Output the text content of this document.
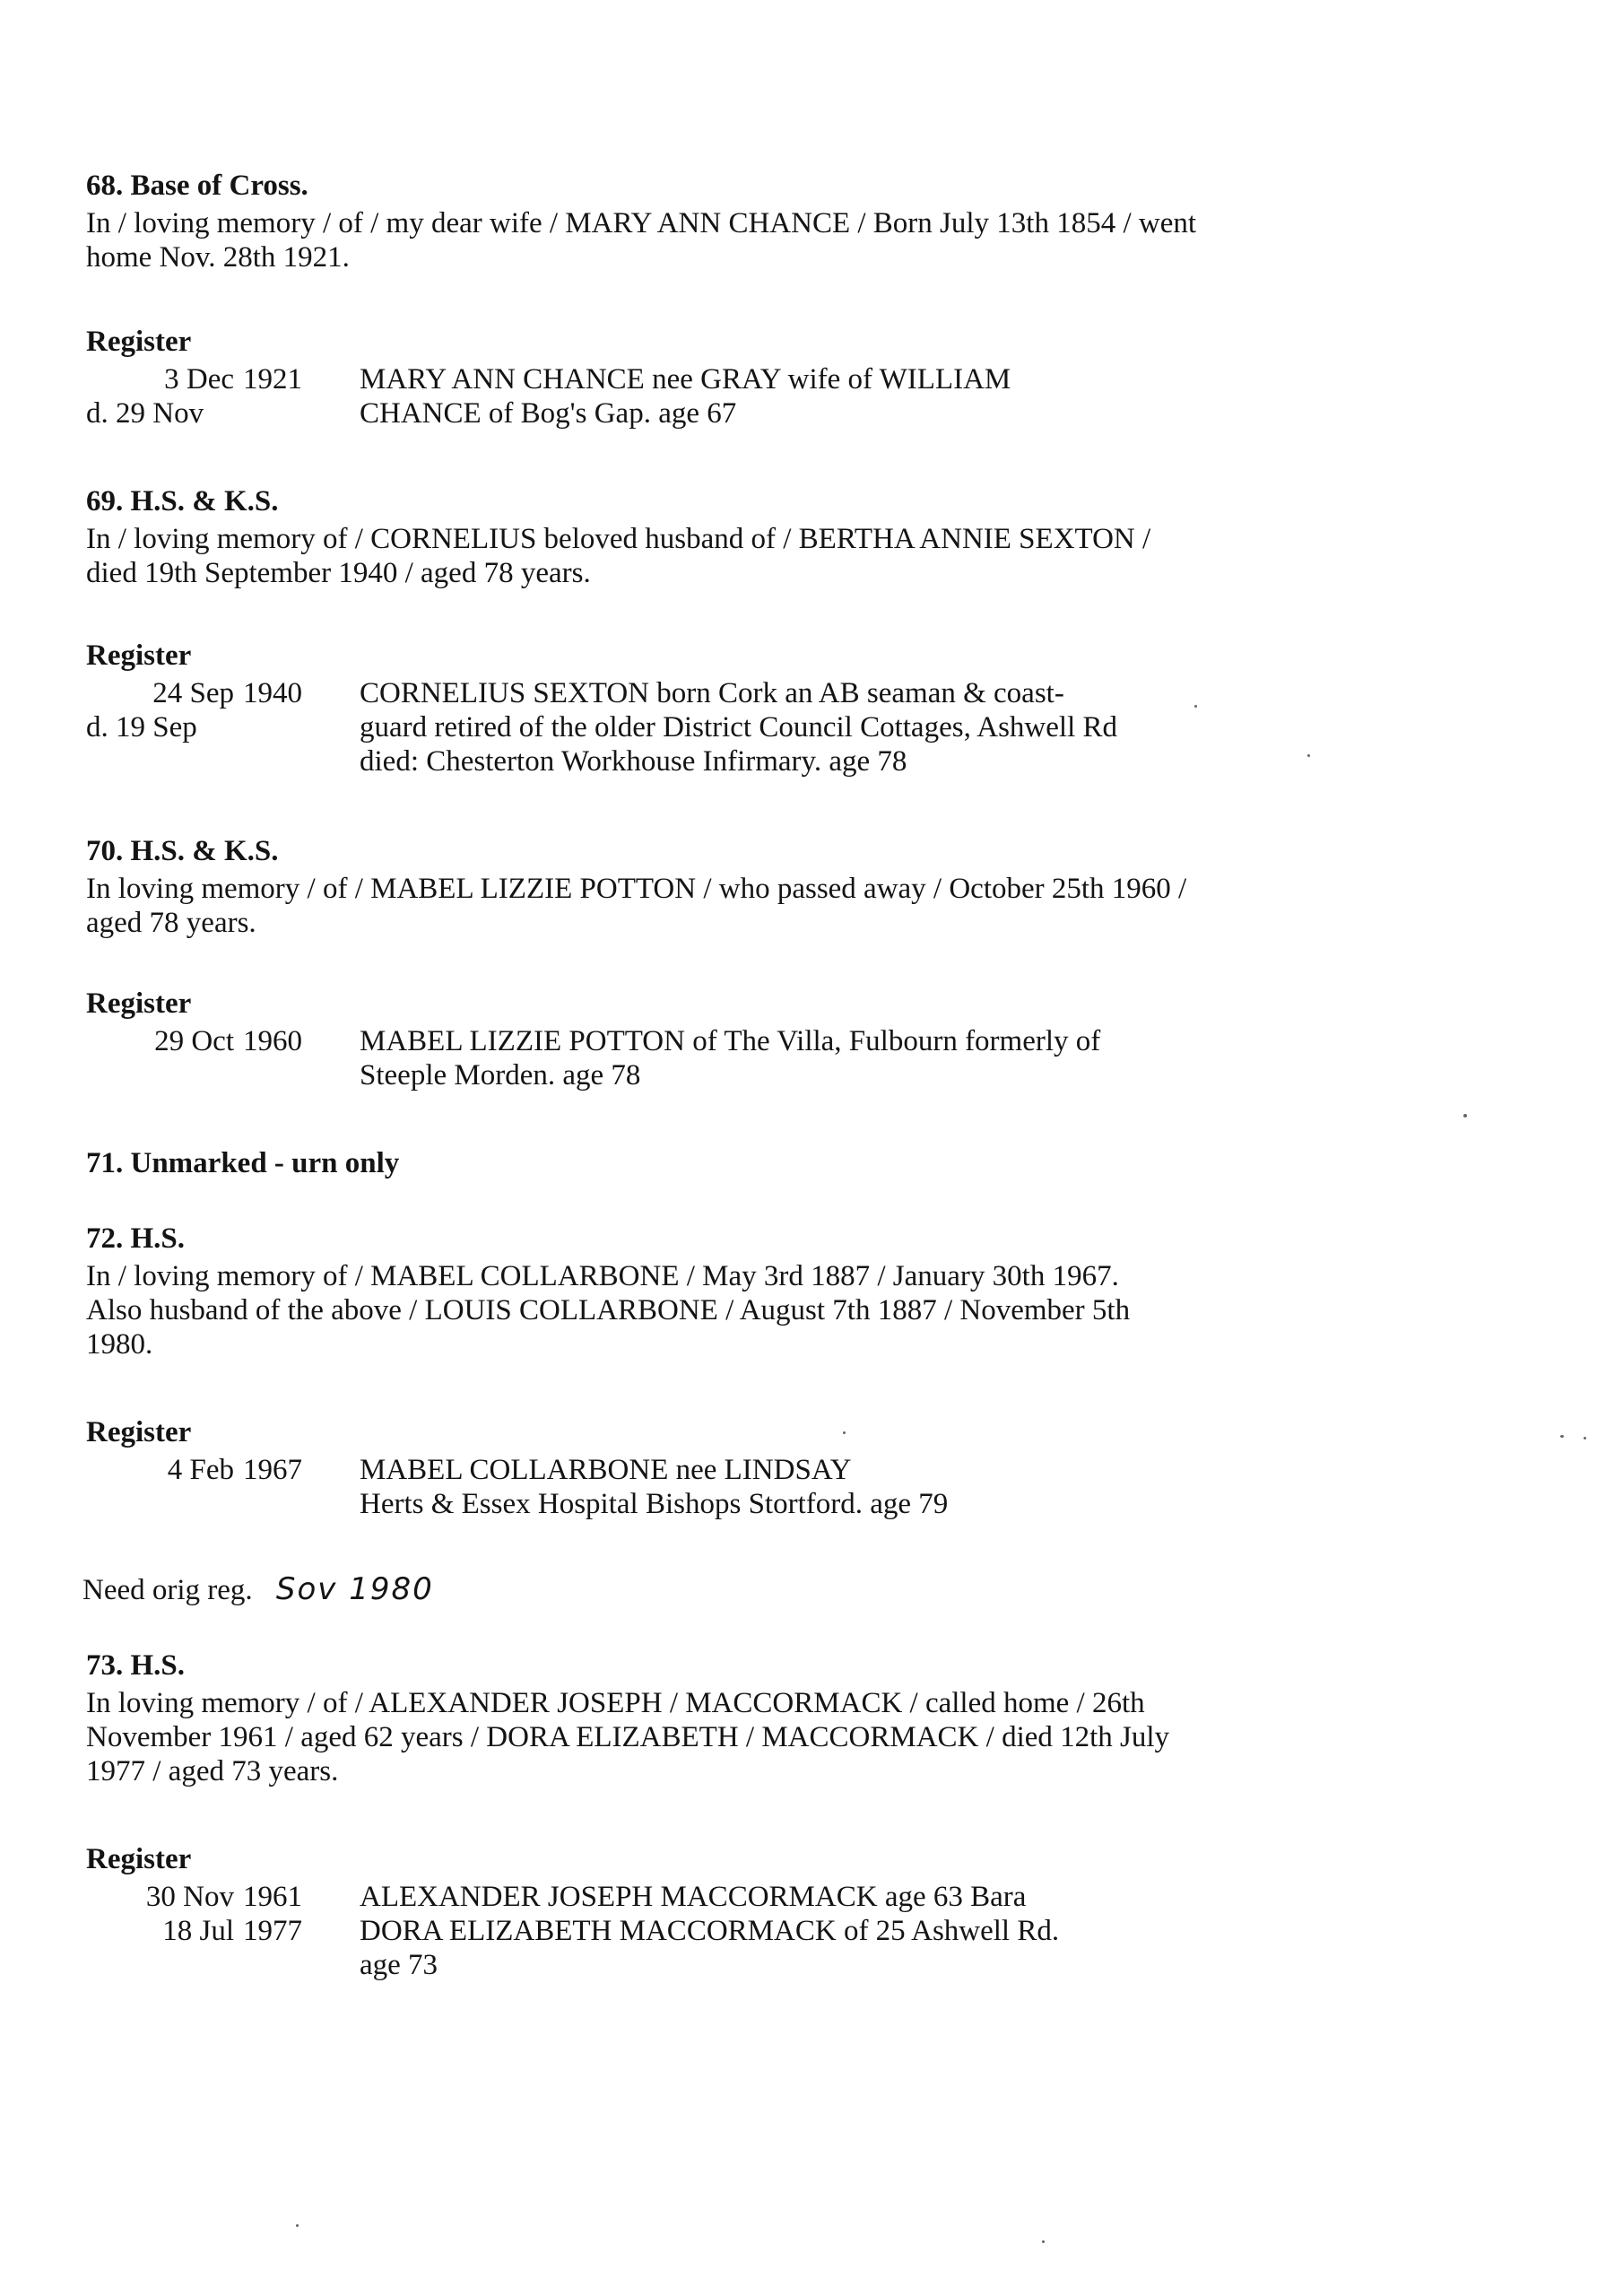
68. Base of Cross.
In / loving memory / of / my dear wife / MARY ANN CHANCE / Born July 13th 1854 / went
home Nov. 28th 1921.
Register
3 Dec 1921	MARY ANN CHANCE nee GRAY wife of WILLIAM
d. 29 Nov	CHANCE of Bog's Gap. age 67
69. H.S. & K.S.
In / loving memory of / CORNELIUS beloved husband of / BERTHA ANNIE SEXTON /
died 19th September 1940 / aged 78 years.
Register
24 Sep 1940	CORNELIUS SEXTON born Cork an AB seaman & coast-
d. 19 Sep	guard retired of the older District Council Cottages, Ashwell Rd
died: Chesterton Workhouse Infirmary. age 78
70. H.S. & K.S.
In loving memory / of / MABEL LIZZIE POTTON / who passed away / October 25th 1960 /
aged 78 years.
Register
29 Oct 1960	MABEL LIZZIE POTTON of The Villa, Fulbourn formerly of
Steeple Morden. age 78
71. Unmarked - urn only
72. H.S.
In / loving memory of / MABEL COLLARBONE / May 3rd 1887 / January 30th 1967.
Also husband of the above / LOUIS COLLARBONE / August 7th 1887 / November 5th
1980.
Register
4 Feb 1967	MABEL COLLARBONE nee LINDSAY
Herts & Essex Hospital Bishops Stortford. age 79
Need orig reg. Sov 1980
73. H.S.
In loving memory / of / ALEXANDER JOSEPH / MACCORMACK / called home / 26th
November 1961 / aged 62 years / DORA ELIZABETH / MACCORMACK / died 12th July
1977 / aged 73 years.
Register
30 Nov 1961	ALEXANDER JOSEPH MACCORMACK age 63 Bara
18 Jul 1977	DORA ELIZABETH MACCORMACK of 25 Ashwell Rd.
age 73
